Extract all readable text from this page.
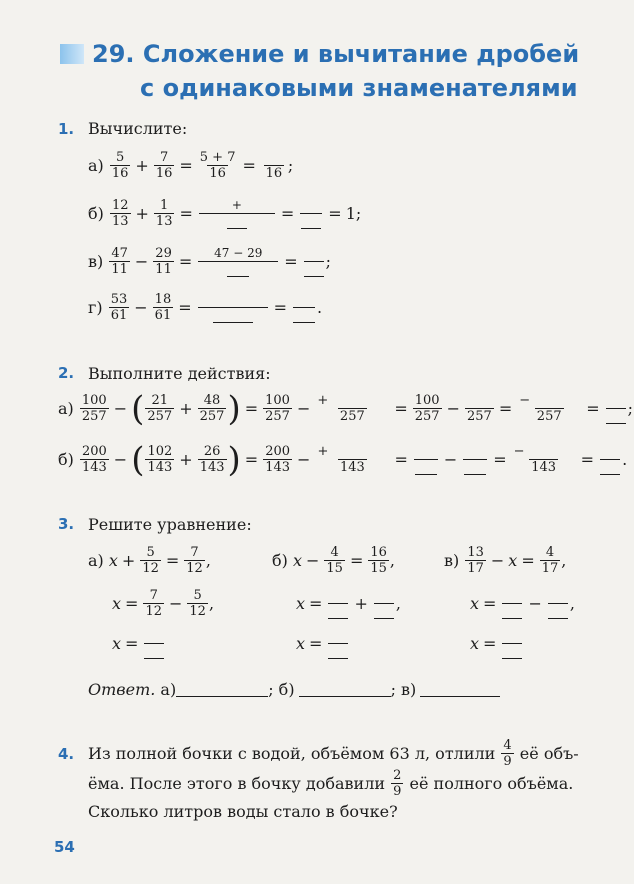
29. Сложение и вычитание дробей
с одинаковыми знаменателями
1. Вычислите:
а)
$\frac{5}{16} + \frac{7}{16} = \frac{5 + 7}{16} = 16$ ;
б)
$\frac{12}{13} + \frac{1}{13}$ =	+	= = 1 ;
в)
$\frac{47}{11} - \frac{29}{11}$ =	47 − 29	= ;
г)
$\frac{53}{61} - \frac{18}{61}$ =	= .
2. Выполните действия:
а)
$\frac{100}{257}$ − ( $\frac{21}{257} + \frac{48}{257}$ ) = $\frac{100}{257} - \frac{+}{257} = \frac{100}{257} - 257 = \frac{-}{257}$ = ;
б)
$\frac{200}{143}$ − ( $\frac{102}{143} + \frac{26}{143}$ ) = $\frac{200}{143} - \frac{+}{143}$ = − = $\frac{-}{143}$ = .
3. Решите уравнение:
а)
$x + \frac{5}{12} = \frac{7}{12}$ ,
$x = \frac{7}{12} - \frac{5}{12}$ ,
x =
б)
$x - \frac{4}{15} = \frac{16}{15}$ ,
x = + ,
x =
в)
$\frac{13}{17} - x = \frac{4}{17}$ ,
x = − ,
x =
Ответ.
а)	; б)	; в)
4. Из полной бочки с водой, объёмом 63 л, отлили
$\frac{4}{9}$
её объ-
ёма. После этого в бочку добавили
$\frac{2}{9}$
её полного объёма.
Сколько литров воды стало в бочке?
54
